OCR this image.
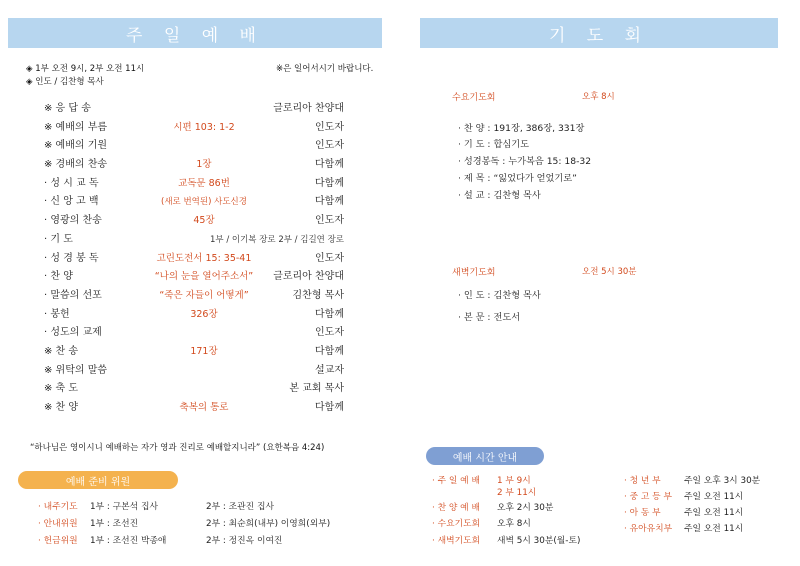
주 일 예 배
◈ 1부 오전 9시, 2부 오전 11시
◈ 인도 / 김찬형 목사
※은 일어서시기 바랍니다.
※ 응 답 송	글로리아 찬양대
※ 예배의 부름	시편 103: 1-2	인도자
※ 예배의 기원	인도자
※ 경배의 찬송	1장	다함께
· 성 시 교 독	교독문 86번	다함께
· 신 앙 고 백	(새로 번역된) 사도신경	다함께
· 영광의 찬송	45장	인도자
· 기 도	1부 / 이기복 장로 2부 / 김길연 장로
· 성 경 봉 독	고린도전서 15: 35-41	인도자
· 찬 양	“나의 눈을 열어주소서”	글로리아 찬양대
· 말씀의 선포	“죽은 자들이 어떻게”	김찬형 목사
· 봉헌	326장	다함께
· 성도의 교제	인도자
※ 찬 송	171장	다함께
※ 위탁의 말씀	설교자
※ 축 도	본 교회 목사
※ 찬 양	축복의 통로	다함께
“하나님은 영이시니 예배하는 자가 영과 진리로 예배할지니라” (요한복음 4:24)
예배 준비 위원
· 내주기도 1부 : 구본석 집사	2부 : 조관진 집사
· 안내위원 1부 : 조선진	2부 : 최순희(내부) 이영희(외부)
· 헌금위원 1부 : 조선진 박종애	2부 : 정진옥 이여진
기 도 회
수요기도회	오후 8시
· 찬 양 : 191장, 386장, 331장
· 기 도 : 합심기도
· 성경봉독 : 누가복음 15: 18-32
· 제 목 : “잃었다가 얻었기로”
· 설 교 : 김찬형 목사
새벽기도회	오전 5시 30분
· 인 도 : 김찬형 목사
· 본 문 : 전도서
예배 시간 안내
· 주 일 예 배 1 부 9시
2 부 11시
· 찬 양 예 배 오후 2시 30분
· 수요기도회 오후 8시
· 새벽기도회 새벽 5시 30분(월-토)
· 청 년 부	주일 오후 3시 30분
· 중 고 등 부 주일 오전 11시
· 아 동 부	주일 오전 11시
· 유아유치부 주일 오전 11시
